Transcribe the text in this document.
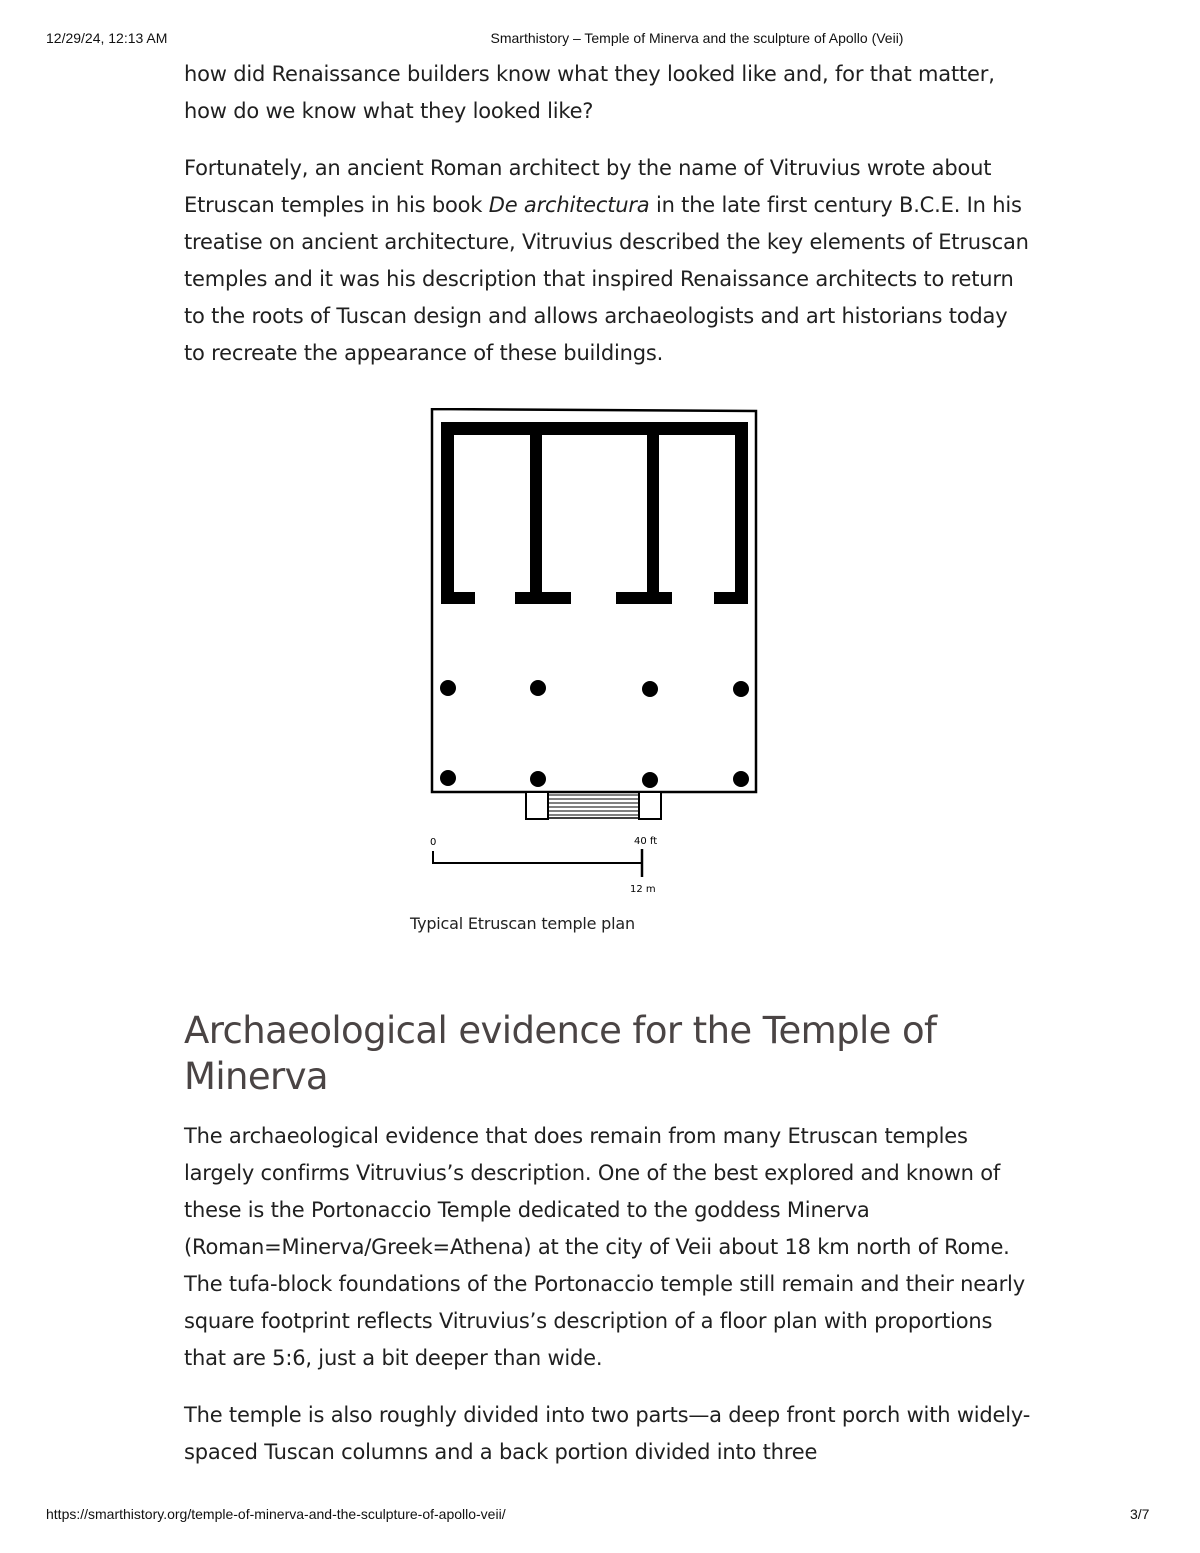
12/29/24, 12:13 AM	Smarthistory – Temple of Minerva and the sculpture of Apollo (Veii)

how did Renaissance builders know what they looked like and, for that matter, how do we know what they looked like?

Fortunately, an ancient Roman architect by the name of Vitruvius wrote about Etruscan temples in his book De architectura in the late first century B.C.E. In his treatise on ancient architecture, Vitruvius described the key elements of Etruscan temples and it was his description that inspired Renaissance architects to return to the roots of Tuscan design and allows archaeologists and art historians today to recreate the appearance of these buildings.

0	40 ft
12 m
Typical Etruscan temple plan
Archaeological evidence for the Temple of Minerva

The archaeological evidence that does remain from many Etruscan temples largely confirms Vitruvius’s description. One of the best explored and known of these is the Portonaccio Temple dedicated to the goddess Minerva (Roman=Minerva/Greek=Athena) at the city of Veii about 18 km north of Rome. The tufa-block foundations of the Portonaccio temple still remain and their nearly square footprint reflects Vitruvius’s description of a floor plan with proportions that are 5:6, just a bit deeper than wide.

The temple is also roughly divided into two parts—a deep front porch with widely-spaced Tuscan columns and a back portion divided into three

https://smarthistory.org/temple-of-minerva-and-the-sculpture-of-apollo-veii/	3/7
